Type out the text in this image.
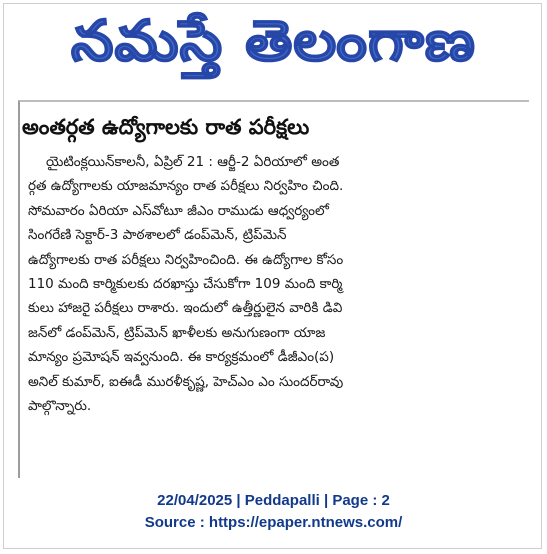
నమస్తే తెలంగాణ
అంతర్గత ఉద్యోగాలకు రాత పరీక్షలు
యైటింక్లయిన్‌కాలనీ, ఏప్రిల్ 21 : ఆర్జీ-2 ఏరియాలో అంత
ర్గత ఉద్యోగాలకు యాజమాన్యం రాత పరీక్షలు నిర్వహిం చింది.
సోమవారం ఏరియా ఎస్‌వోటూ జీఎం రాముడు ఆధ్వర్యంలో
సింగరేణి సెక్టార్-3 పాఠశాలలో డంప్‌మెన్, ట్రిప్‌మెన్
ఉద్యోగాలకు రాత పరీక్షలు నిర్వహించింది. ఈ ఉద్యోగాల కోసం
110 మంది కార్మికులకు దరఖాస్తు చేసుకోగా 109 మంది కార్మి
కులు హాజరై పరీక్షలు రాశారు. ఇందులో ఉత్తీర్ణులైన వారికి డివి
జన్‌లో డంప్‌మెన్, ట్రిప్‌మెన్ ఖాళీలకు అనుగుణంగా యాజ
మాన్యం ప్రమోషన్ ఇవ్వనుంది. ఈ కార్యక్రమంలో డీజీఎం(ప)
అనిల్ కుమార్, ఐఈడీ మురళీకృష్ణ, హెచ్‌ఎం ఎం సుందర్‌రావు
పాల్గొన్నారు.
22/04/2025 | Peddapalli | Page : 2
Source : https://epaper.ntnews.com/
